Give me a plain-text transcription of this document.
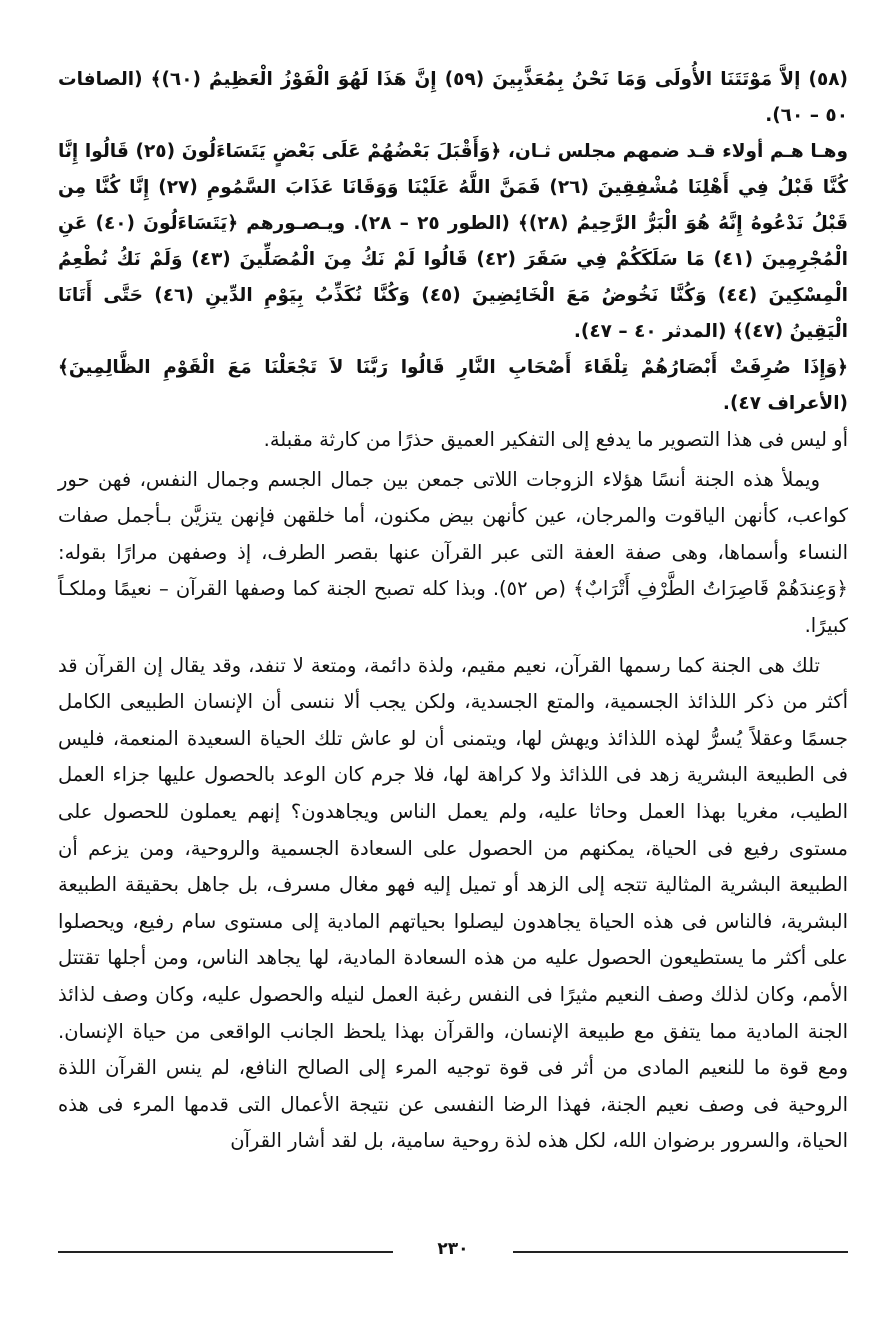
(٥٨) إلاَّ مَوْتَتَنَا الأُولَى وَمَا نَحْنُ بِمُعَذَّبِينَ (٥٩) إِنَّ هَذَا لَهُوَ الْفَوْزُ الْعَظِيمُ (٦٠)﴾ (الصافات ٥٠ – ٦٠).

وهـا هـم أولاء قـد ضمهم مجلس ثـان، ﴿وَأَقْبَلَ بَعْضُهُمْ عَلَى بَعْضٍ يَتَسَاءَلُونَ (٢٥) قَالُوا إِنَّا كُنَّا قَبْلُ فِي أَهْلِنَا مُشْفِقِينَ (٢٦) فَمَنَّ اللَّهُ عَلَيْنَا وَوَقَانَا عَذَابَ السَّمُومِ (٢٧) إِنَّا كُنَّا مِن قَبْلُ نَدْعُوهُ إِنَّهُ هُوَ الْبَرُّ الرَّحِيمُ (٢٨)﴾ (الطور ٢٥ – ٢٨). ويـصـورهم ﴿يَتَسَاءَلُونَ (٤٠) عَنِ الْمُجْرِمِينَ (٤١) مَا سَلَكَكُمْ فِي سَقَرَ (٤٢) قَالُوا لَمْ نَكُ مِنَ الْمُصَلِّينَ (٤٣) وَلَمْ نَكُ نُطْعِمُ الْمِسْكِينَ (٤٤) وَكُنَّا نَخُوضُ مَعَ الْخَائِضِينَ (٤٥) وَكُنَّا نُكَذِّبُ بِيَوْمِ الدِّينِ (٤٦) حَتَّى أَتَانَا الْيَقِينُ (٤٧)﴾ (المدثر ٤٠ – ٤٧).

﴿وَإِذَا صُرِفَتْ أَبْصَارُهُمْ تِلْقَاءَ أَصْحَابِ النَّارِ قَالُوا رَبَّنَا لاَ تَجْعَلْنَا مَعَ الْقَوْمِ الظَّالِمِينَ﴾ (الأعراف ٤٧).

أو ليس فى هذا التصوير ما يدفع إلى التفكير العميق حذرًا من كارثة مقبلة.

ويملأ هذه الجنة أنسًا هؤلاء الزوجات اللاتى جمعن بين جمال الجسم وجمال النفس، فهن حور كواعب، كأنهن الياقوت والمرجان، عين كأنهن بيض مكنون، أما خلقهن فإنهن يتزيَّن بـأجمل صفات النساء وأسماها، وهى صفة العفة التى عبر القرآن عنها بقصر الطرف، إذ وصفهن مرارًا بقوله: ﴿وَعِندَهُمْ قَاصِرَاتُ الطَّرْفِ أَتْرَابٌ﴾ (ص ٥٢). وبذا كله تصبح الجنة كما وصفها القرآن – نعيمًا وملكـاً كبيرًا.

تلك هى الجنة كما رسمها القرآن، نعيم مقيم، ولذة دائمة، ومتعة لا تنفد، وقد يقال إن القرآن قد أكثر من ذكر اللذائذ الجسمية، والمتع الجسدية، ولكن يجب ألا ننسى أن الإنسان الطبيعى الكامل جسمًا وعقلاً يُسرُّ لهذه اللذائذ ويهش لها، ويتمنى أن لو عاش تلك الحياة السعيدة المنعمة، فليس فى الطبيعة البشرية زهد فى اللذائذ ولا كراهة لها، فلا جرم كان الوعد بالحصول عليها جزاء العمل الطيب، مغريا بهذا العمل وحاثا عليه، ولم يعمل الناس ويجاهدون؟ إنهم يعملون للحصول على مستوى رفيع فى الحياة، يمكنهم من الحصول على السعادة الجسمية والروحية، ومن يزعم أن الطبيعة البشرية المثالية تتجه إلى الزهد أو تميل إليه فهو مغال مسرف، بل جاهل بحقيقة الطبيعة البشرية، فالناس فى هذه الحياة يجاهدون ليصلوا بحياتهم المادية إلى مستوى سام رفيع، ويحصلوا على أكثر ما يستطيعون الحصول عليه من هذه السعادة المادية، لها يجاهد الناس، ومن أجلها تقتتل الأمم، وكان لذلك وصف النعيم مثيرًا فى النفس رغبة العمل لنيله والحصول عليه، وكان وصف لذائذ الجنة المادية مما يتفق مع طبيعة الإنسان، والقرآن بهذا يلحظ الجانب الواقعى من حياة الإنسان. ومع قوة ما للنعيم المادى من أثر فى قوة توجيه المرء إلى الصالح النافع، لم ينس القرآن اللذة الروحية فى وصف نعيم الجنة، فهذا الرضا النفسى عن نتيجة الأعمال التى قدمها المرء فى هذه الحياة، والسرور برضوان الله، لكل هذه لذة روحية سامية، بل لقد أشار القرآن

٢٣٠
